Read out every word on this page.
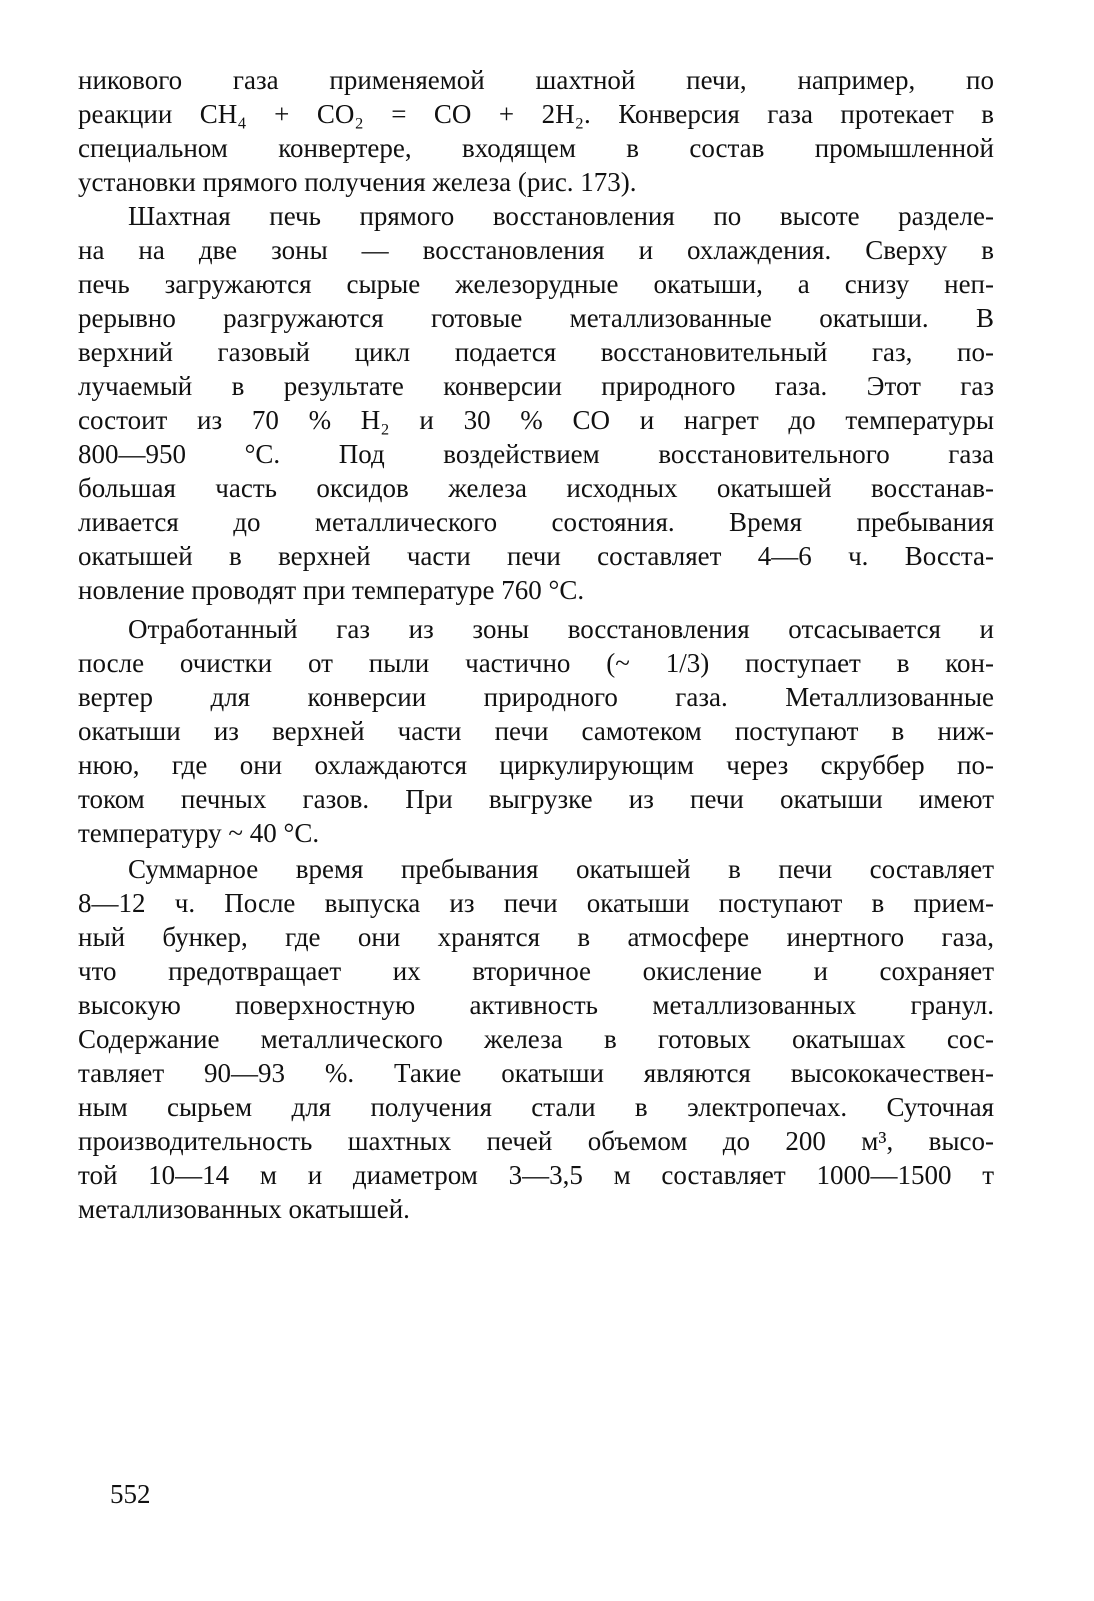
никового газа применяемой шахтной печи, например, по
реакции CH₄ + CO₂ = CO + 2H₂. Конверсия газа протекает в
специальном конвертере, входящем в состав промышленной
установки прямого получения железа (рис. 173).
Шахтная печь прямого восстановления по высоте разделе-
на на две зоны — восстановления и охлаждения. Сверху в
печь загружаются сырые железорудные окатыши, а снизу неп-
рерывно разгружаются готовые металлизованные окатыши. В
верхний газовый цикл подается восстановительный газ, по-
лучаемый в результате конверсии природного газа. Этот газ
состоит из 70 % H₂ и 30 % CO и нагрет до температуры
800—950 °С. Под воздействием восстановительного газа
большая часть оксидов железа исходных окатышей восстанав-
ливается до металлического состояния. Время пребывания
окатышей в верхней части печи составляет 4—6 ч. Восста-
новление проводят при температуре 760 °С.
Отработанный газ из зоны восстановления отсасывается и
после очистки от пыли частично (~ 1/3) поступает в кон-
вертер для конверсии природного газа. Металлизованные
окатыши из верхней части печи самотеком поступают в ниж-
нюю, где они охлаждаются циркулирующим через скруббер по-
током печных газов. При выгрузке из печи окатыши имеют
температуру ~ 40 °С.
Суммарное время пребывания окатышей в печи составляет
8—12 ч. После выпуска из печи окатыши поступают в прием-
ный бункер, где они хранятся в атмосфере инертного газа,
что предотвращает их вторичное окисление и сохраняет
высокую поверхностную активность металлизованных гранул.
Содержание металлического железа в готовых окатышах сос-
тавляет 90—93 %. Такие окатыши являются высококачествен-
ным сырьем для получения стали в электропечах. Суточная
производительность шахтных печей объемом до 200 м³, высо-
той 10—14 м и диаметром 3—3,5 м составляет 1000—1500 т
металлизованных окатышей.
552
